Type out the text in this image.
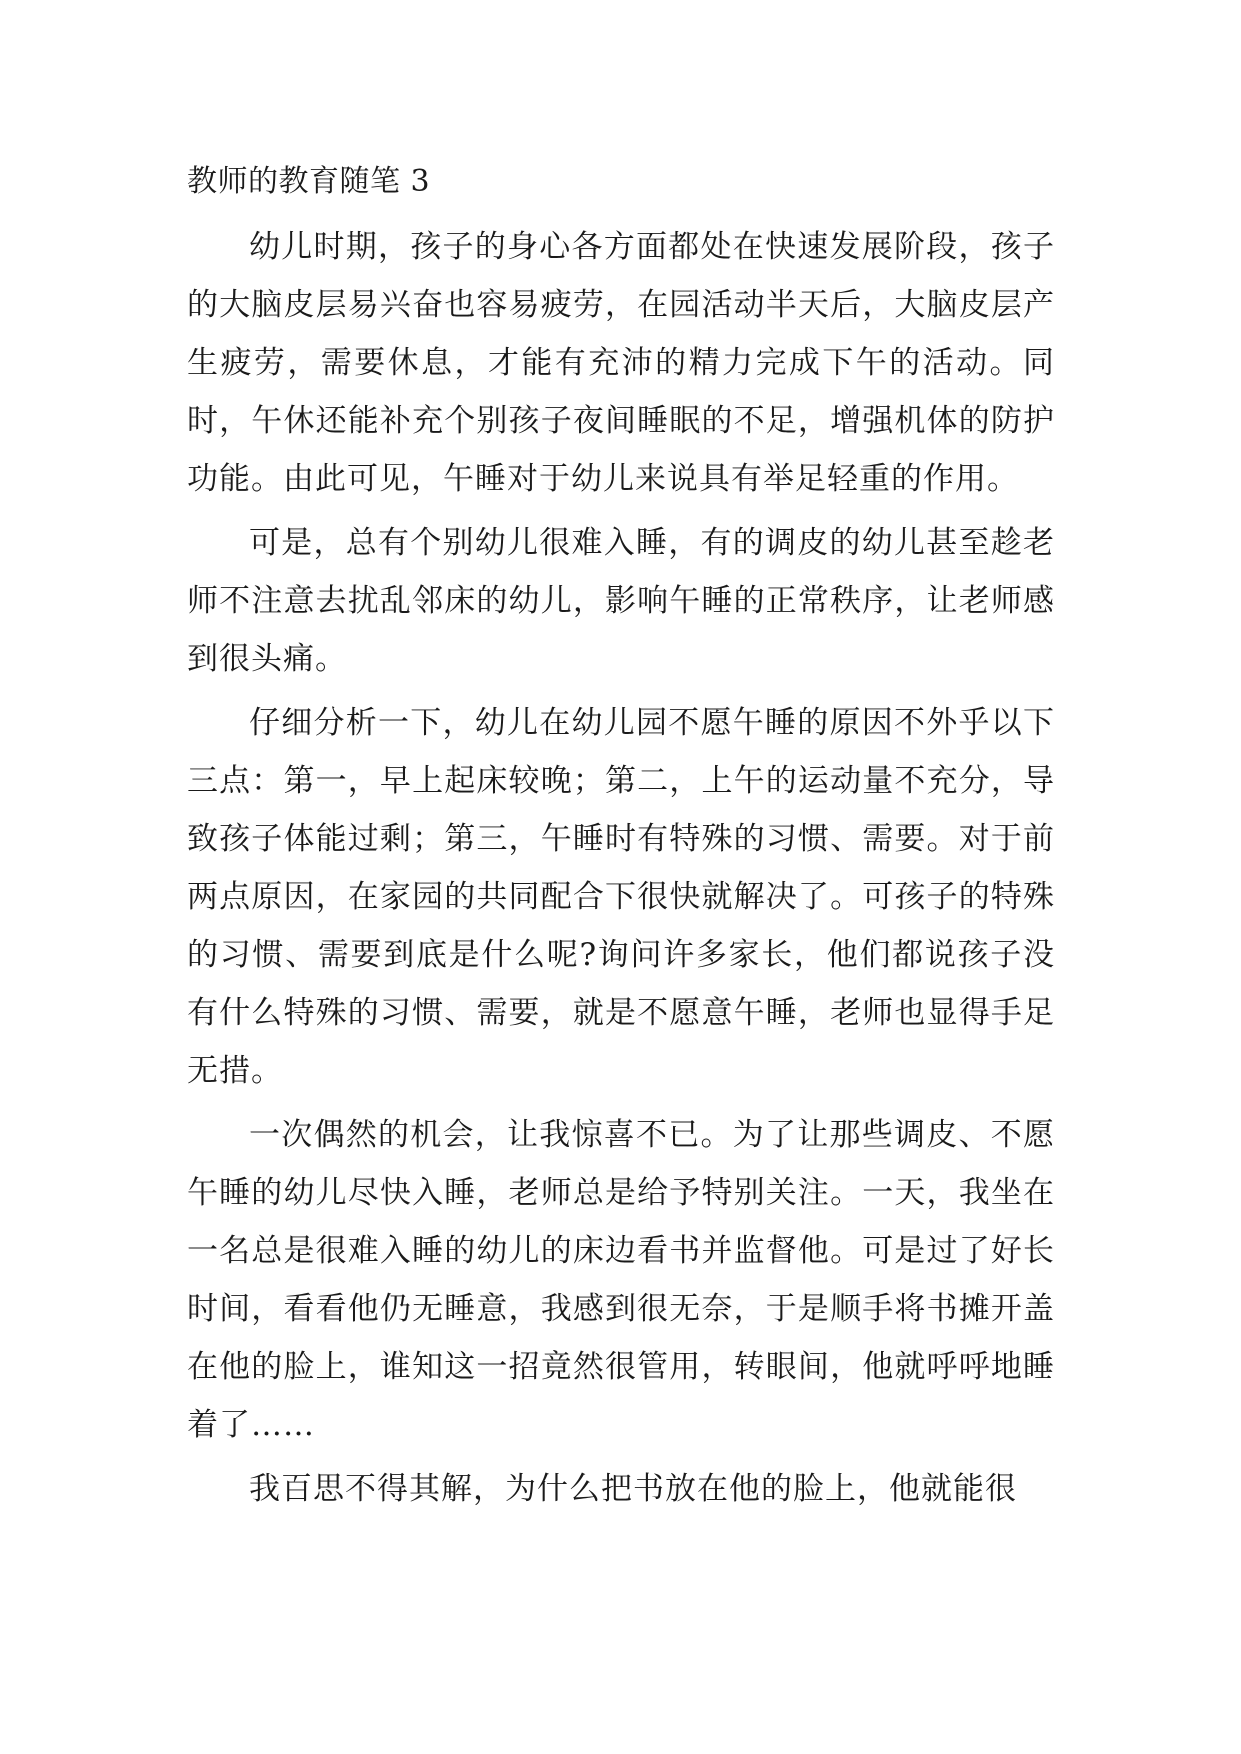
教师的教育随笔 3

幼儿时期，孩子的身心各方面都处在快速发展阶段，孩子的大脑皮层易兴奋也容易疲劳，在园活动半天后，大脑皮层产生疲劳，需要休息，才能有充沛的精力完成下午的活动。同时，午休还能补充个别孩子夜间睡眠的不足，增强机体的防护功能。由此可见，午睡对于幼儿来说具有举足轻重的作用。

可是，总有个别幼儿很难入睡，有的调皮的幼儿甚至趁老师不注意去扰乱邻床的幼儿，影响午睡的正常秩序，让老师感到很头痛。

仔细分析一下，幼儿在幼儿园不愿午睡的原因不外乎以下三点：第一，早上起床较晚；第二，上午的运动量不充分，导致孩子体能过剩；第三，午睡时有特殊的习惯、需要。对于前两点原因，在家园的共同配合下很快就解决了。可孩子的特殊的习惯、需要到底是什么呢?询问许多家长，他们都说孩子没有什么特殊的习惯、需要，就是不愿意午睡，老师也显得手足无措。

一次偶然的机会，让我惊喜不已。为了让那些调皮、不愿午睡的幼儿尽快入睡，老师总是给予特别关注。一天，我坐在一名总是很难入睡的幼儿的床边看书并监督他。可是过了好长时间，看看他仍无睡意，我感到很无奈，于是顺手将书摊开盖在他的脸上，谁知这一招竟然很管用，转眼间，他就呼呼地睡着了……

我百思不得其解，为什么把书放在他的脸上，他就能很
